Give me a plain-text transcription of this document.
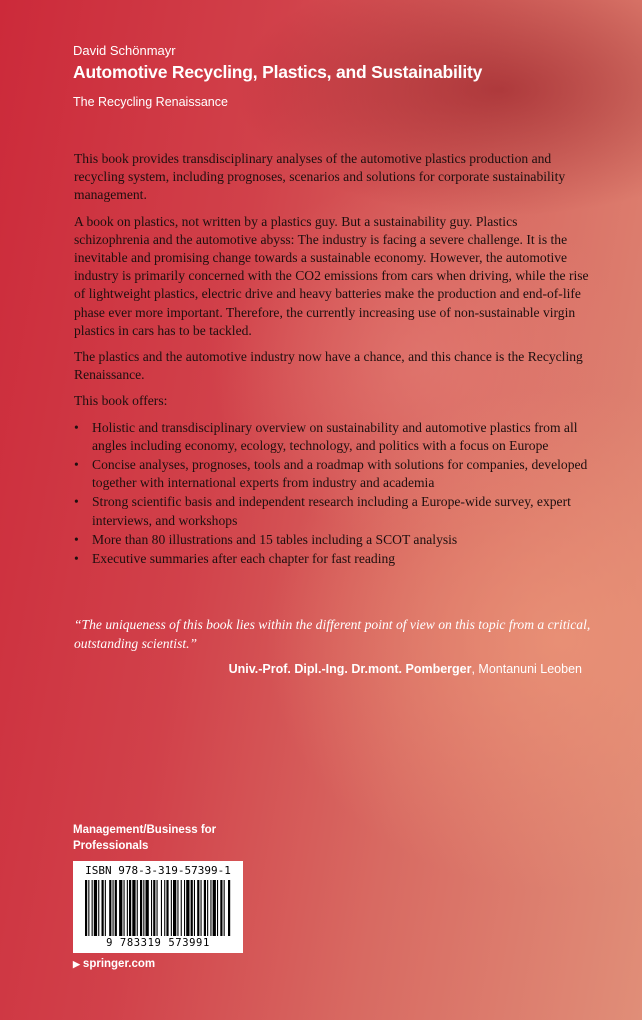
David Schönmayr
Automotive Recycling, Plastics, and Sustainability
The Recycling Renaissance

This book provides transdisciplinary analyses of the automotive plastics production and recycling system, including prognoses, scenarios and solutions for corporate sustainability management.

A book on plastics, not written by a plastics guy. But a sustainability guy. Plastics schizophrenia and the automotive abyss: The industry is facing a severe challenge. It is the inevitable and promising change towards a sustainable economy. However, the automotive industry is primarily concerned with the CO2 emissions from cars when driving, while the rise of lightweight plastics, electric drive and heavy batteries make the production and end-of-life phase ever more important. Therefore, the currently increasing use of non-sustainable virgin plastics in cars has to be tackled.

The plastics and the automotive industry now have a chance, and this chance is the Recycling Renaissance.

This book offers:

• Holistic and transdisciplinary overview on sustainability and automotive plastics from all angles including economy, ecology, technology, and politics with a focus on Europe
• Concise analyses, prognoses, tools and a roadmap with solutions for companies, developed together with international experts from industry and academia
• Strong scientific basis and independent research including a Europe-wide survey, expert interviews, and workshops
• More than 80 illustrations and 15 tables including a SCOT analysis
• Executive summaries after each chapter for fast reading
“The uniqueness of this book lies within the different point of view on this topic from a critical, outstanding scientist.”
Univ.-Prof. Dipl.-Ing. Dr.mont. Pomberger, Montanuni Leoben
Management/Business for Professionals
ISBN 978-3-319-57399-1
9 783319 573991
▶ springer.com
